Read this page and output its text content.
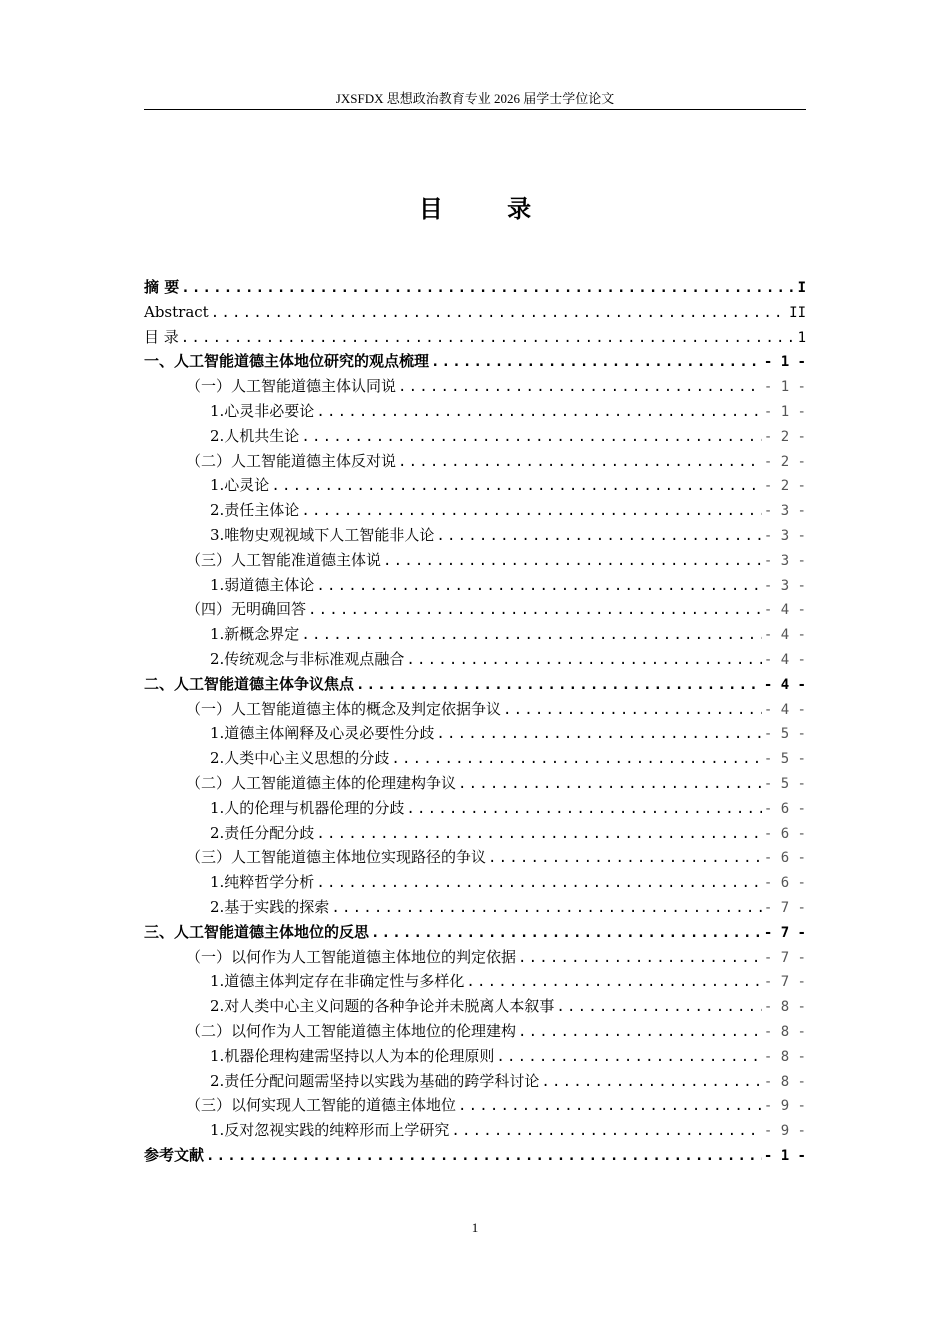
JXSFDX 思想政治教育专业 2026 届学士学位论文
目 录
摘 要 .....	I
Abstract .....	II
目 录 .....	1
一、人工智能道德主体地位研究的观点梳理 .....	- 1 -
（一）人工智能道德主体认同说 .....	- 1 -
1.心灵非必要论 .....	- 1 -
2.人机共生论 .....	- 2 -
（二）人工智能道德主体反对说 .....	- 2 -
1.心灵论 .....	- 2 -
2.责任主体论 .....	- 3 -
3.唯物史观视域下人工智能非人论 .....	- 3 -
（三）人工智能准道德主体说 .....	- 3 -
1.弱道德主体论 .....	- 3 -
（四）无明确回答 .....	- 4 -
1.新概念界定 .....	- 4 -
2.传统观念与非标准观点融合 .....	- 4 -
二、人工智能道德主体争议焦点 .....	- 4 -
（一）人工智能道德主体的概念及判定依据争议 .....	- 4 -
1.道德主体阐释及心灵必要性分歧 .....	- 5 -
2.人类中心主义思想的分歧 .....	- 5 -
（二）人工智能道德主体的伦理建构争议 .....	- 5 -
1.人的伦理与机器伦理的分歧 .....	- 6 -
2.责任分配分歧 .....	- 6 -
（三）人工智能道德主体地位实现路径的争议 .....	- 6 -
1.纯粹哲学分析 .....	- 6 -
2.基于实践的探索 .....	- 7 -
三、人工智能道德主体地位的反思 .....	- 7 -
（一）以何作为人工智能道德主体地位的判定依据 .....	- 7 -
1.道德主体判定存在非确定性与多样化 .....	- 7 -
2.对人类中心主义问题的各种争论并未脱离人本叙事 .....	- 8 -
（二）以何作为人工智能道德主体地位的伦理建构 .....	- 8 -
1.机器伦理构建需坚持以人为本的伦理原则 .....	- 8 -
2.责任分配问题需坚持以实践为基础的跨学科讨论 .....	- 8 -
（三）以何实现人工智能的道德主体地位 .....	- 9 -
1.反对忽视实践的纯粹形而上学研究 .....	- 9 -
参考文献 .....	- 1 -
1
